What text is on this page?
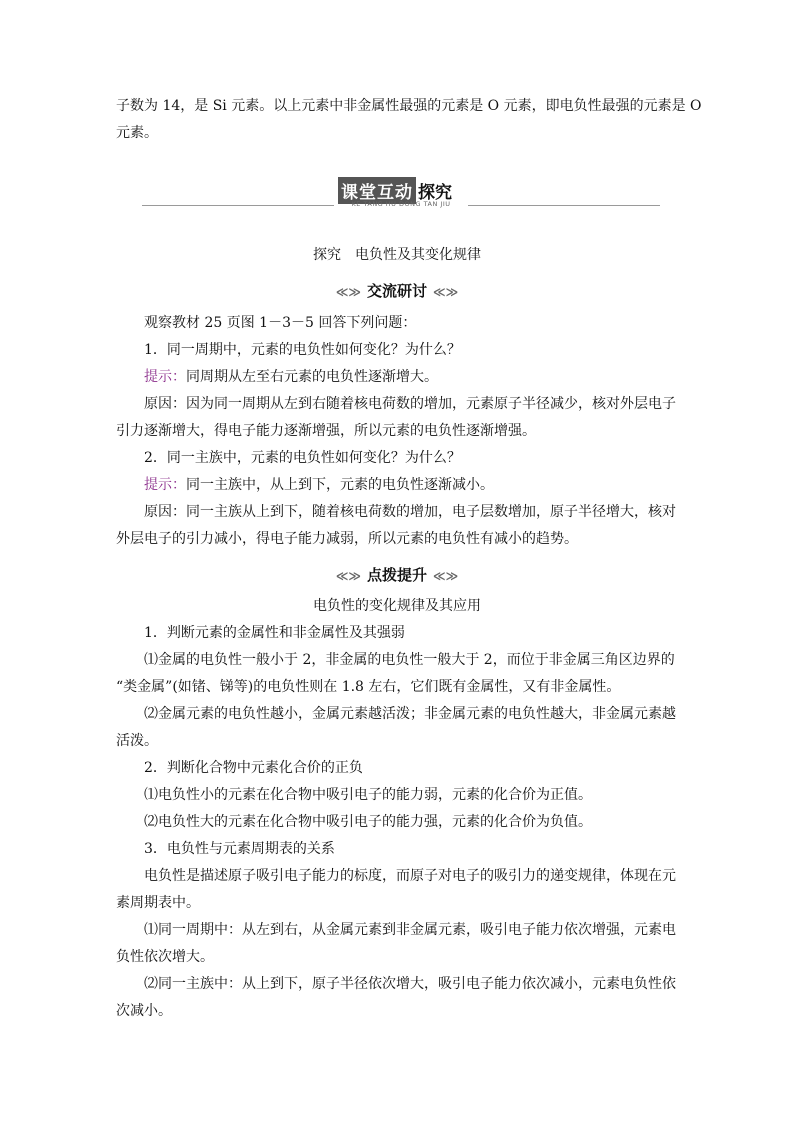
子数为 14，是 Si 元素。以上元素中非金属性最强的元素是 O 元素，即电负性最强的元素是 O
元素。
课堂互动 探究
KE TANG HU DONG TAN JIU
探究　电负性及其变化规律
≪≫ 交流研讨 ≪≫
观察教材 25 页图 1－3－5 回答下列问题：
1．同一周期中，元素的电负性如何变化？为什么？
提示：同周期从左至右元素的电负性逐渐增大。
原因：因为同一周期从左到右随着核电荷数的增加，元素原子半径减少，核对外层电子
引力逐渐增大，得电子能力逐渐增强，所以元素的电负性逐渐增强。
2．同一主族中，元素的电负性如何变化？为什么？
提示：同一主族中，从上到下，元素的电负性逐渐减小。
原因：同一主族从上到下，随着核电荷数的增加，电子层数增加，原子半径增大，核对
外层电子的引力减小，得电子能力减弱，所以元素的电负性有减小的趋势。
≪≫ 点拨提升 ≪≫
电负性的变化规律及其应用
1．判断元素的金属性和非金属性及其强弱
⑴金属的电负性一般小于 2，非金属的电负性一般大于 2，而位于非金属三角区边界的
“类金属”(如锗、锑等)的电负性则在 1.8 左右，它们既有金属性，又有非金属性。
⑵金属元素的电负性越小，金属元素越活泼；非金属元素的电负性越大，非金属元素越
活泼。
2．判断化合物中元素化合价的正负
⑴电负性小的元素在化合物中吸引电子的能力弱，元素的化合价为正值。
⑵电负性大的元素在化合物中吸引电子的能力强，元素的化合价为负值。
3．电负性与元素周期表的关系
电负性是描述原子吸引电子能力的标度，而原子对电子的吸引力的递变规律，体现在元
素周期表中。
⑴同一周期中：从左到右，从金属元素到非金属元素，吸引电子能力依次增强，元素电
负性依次增大。
⑵同一主族中：从上到下，原子半径依次增大，吸引电子能力依次减小，元素电负性依
次减小。
